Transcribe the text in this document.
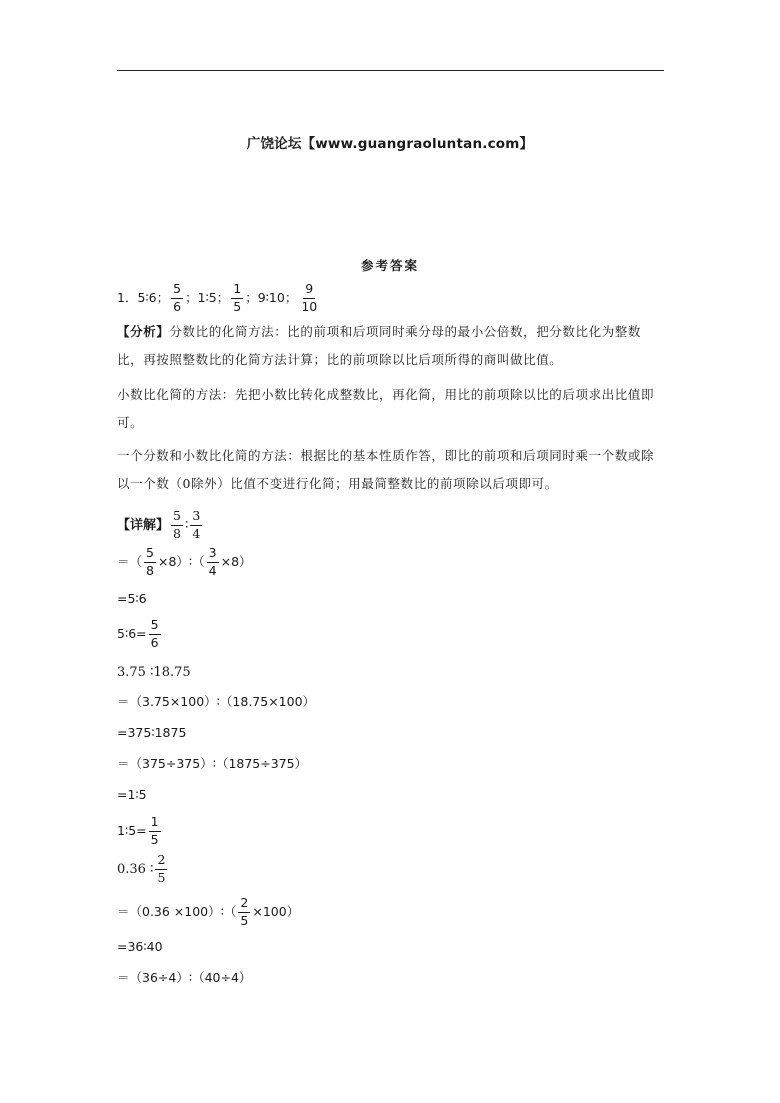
广饶论坛【www.guangraoluntan.com】
参考答案
1．5∶6； $\frac{5}{6}$ ；1∶5； $\frac{1}{5}$ ；9∶10； $\frac{9}{10}$
【分析】分数比的化简方法：比的前项和后项同时乘分母的最小公倍数，把分数比化为整数比，再按照整数比的化简方法计算；比的前项除以比后项所得的商叫做比值。
小数比化简的方法：先把小数比转化成整数比，再化简，用比的前项除以比的后项求出比值即可。
一个分数和小数比化简的方法：根据比的基本性质作答，即比的前项和后项同时乘一个数或除以一个数（0除外）比值不变进行化简；用最简整数比的前项除以后项即可。
【详解】 $\frac{5}{8}$ ∶ $\frac{3}{4}$
＝（ $\frac{5}{8}$ ×8）∶（ $\frac{3}{4} \times 8$）
=5∶6
5∶6= $\frac{5}{6}$
3.75 ∶18.75
＝（3.75×100）∶（18.75×100）
=375∶1875
＝（375÷375）∶（1875÷375）
=1∶5
1∶5= $\frac{1}{5}$
0.36 ∶ $\frac{2}{5}$
＝（0.36 ×100）∶（ $\frac{2}{5} \times 100$）
=36∶40
＝（36÷4）∶（40÷4）
